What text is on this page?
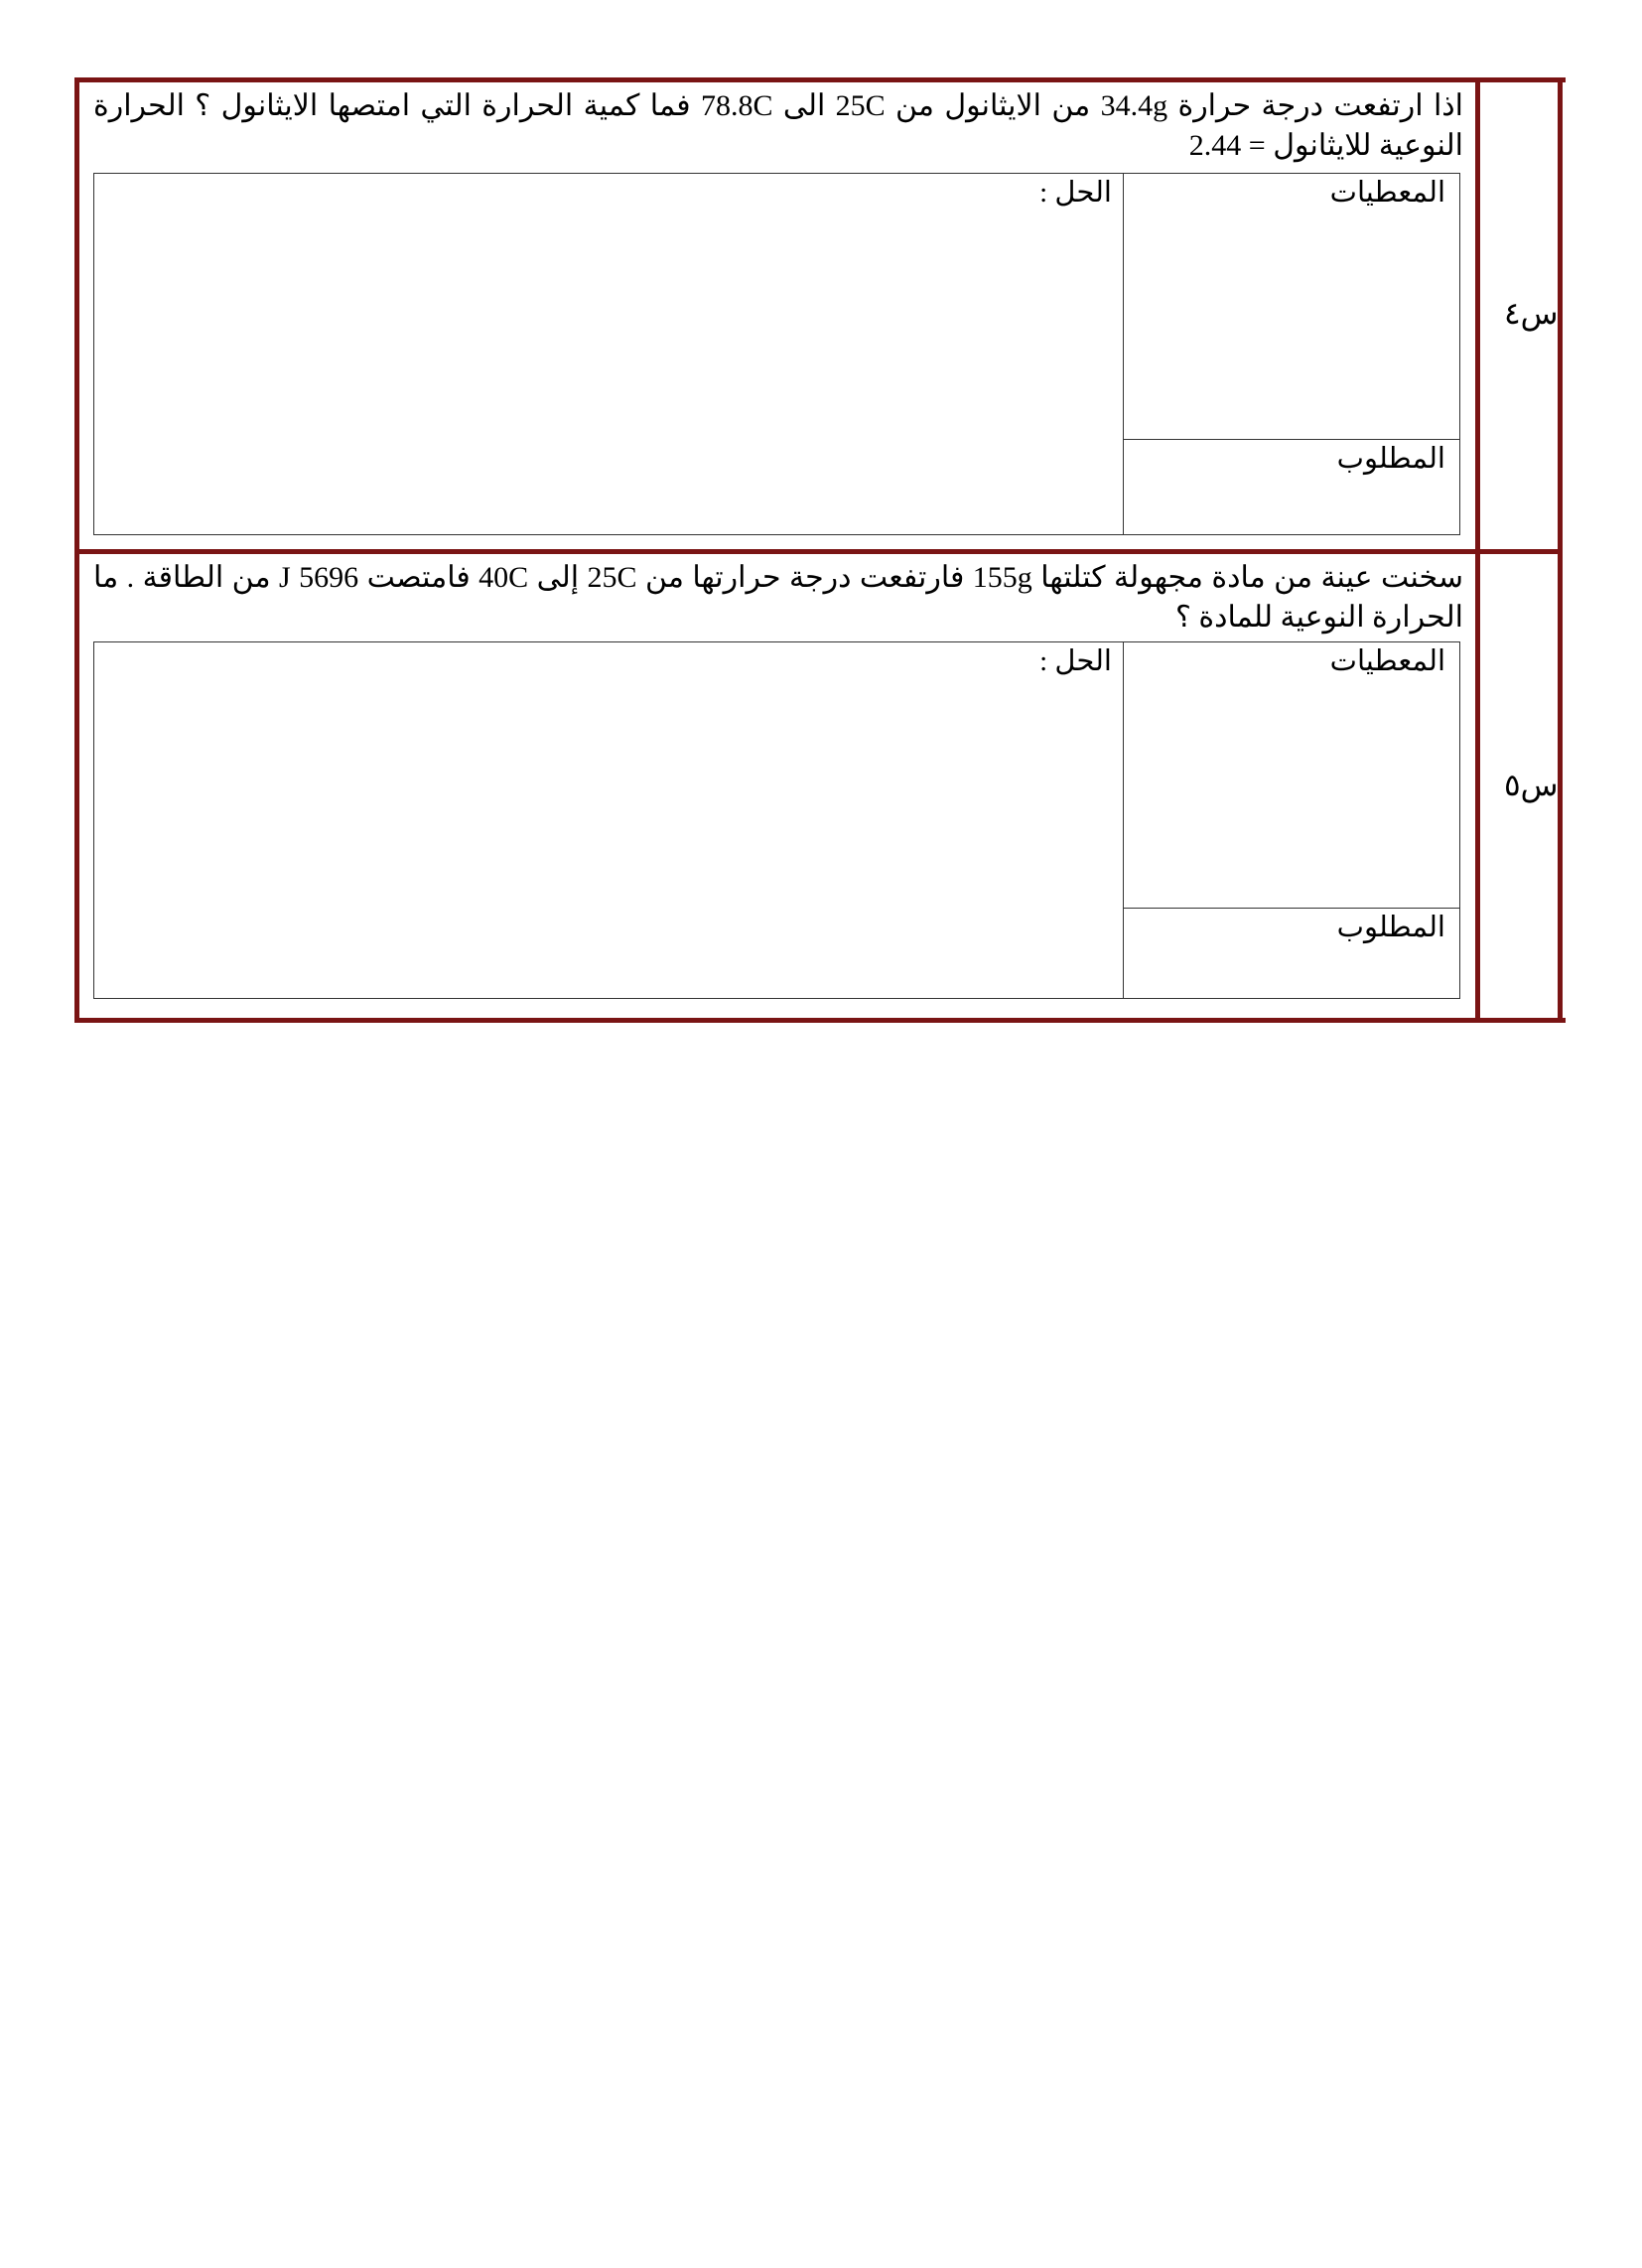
اذا ارتفعت درجة حرارة 34.4g من الايثانول من 25C الى 78.8C فما كمية الحرارة التي امتصها الايثانول ؟ الحرارة النوعية للايثانول = 2.44
المعطيات
المطلوب
الحل :
س٤
سخنت عينة من مادة مجهولة كتلتها 155g فارتفعت درجة حرارتها من 25C إلى 40C فامتصت 5696 J من الطاقة . ما الحرارة النوعية للمادة ؟
المعطيات
المطلوب
الحل :
س٥
